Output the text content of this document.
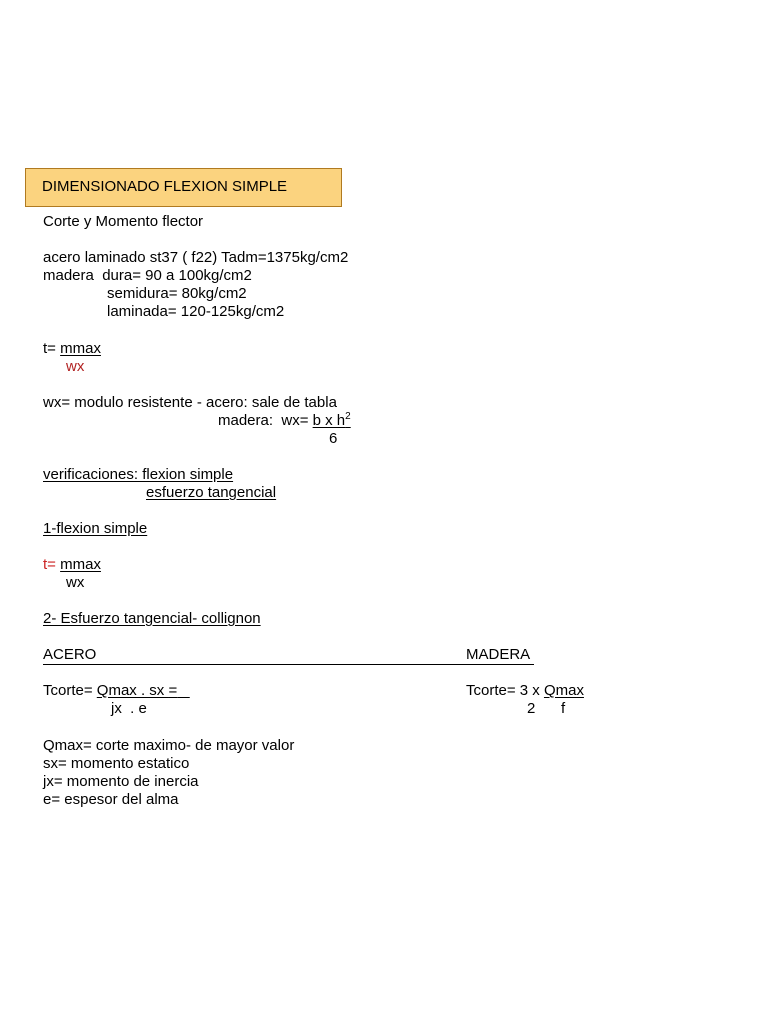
DIMENSIONADO FLEXION SIMPLE
Corte y Momento flector
acero laminado st37 ( f22) Tadm=1375kg/cm2
madera  dura= 90 a 100kg/cm2
semidura= 80kg/cm2
laminada= 120-125kg/cm2
t= mmax
wx
wx= modulo resistente - acero: sale de tabla
madera:  wx= b x $h^2$
6
verificaciones: flexion simple
esfuerzo tangencial
1-flexion simple
t= mmax
wx
2- Esfuerzo tangencial- collignon
ACERO	MADERA
Tcorte= Qmax . sx =
jx  . e
Tcorte= 3 x Qmax
2 f
Qmax= corte maximo- de mayor valor
sx= momento estatico
jx= momento de inercia
e= espesor del alma
